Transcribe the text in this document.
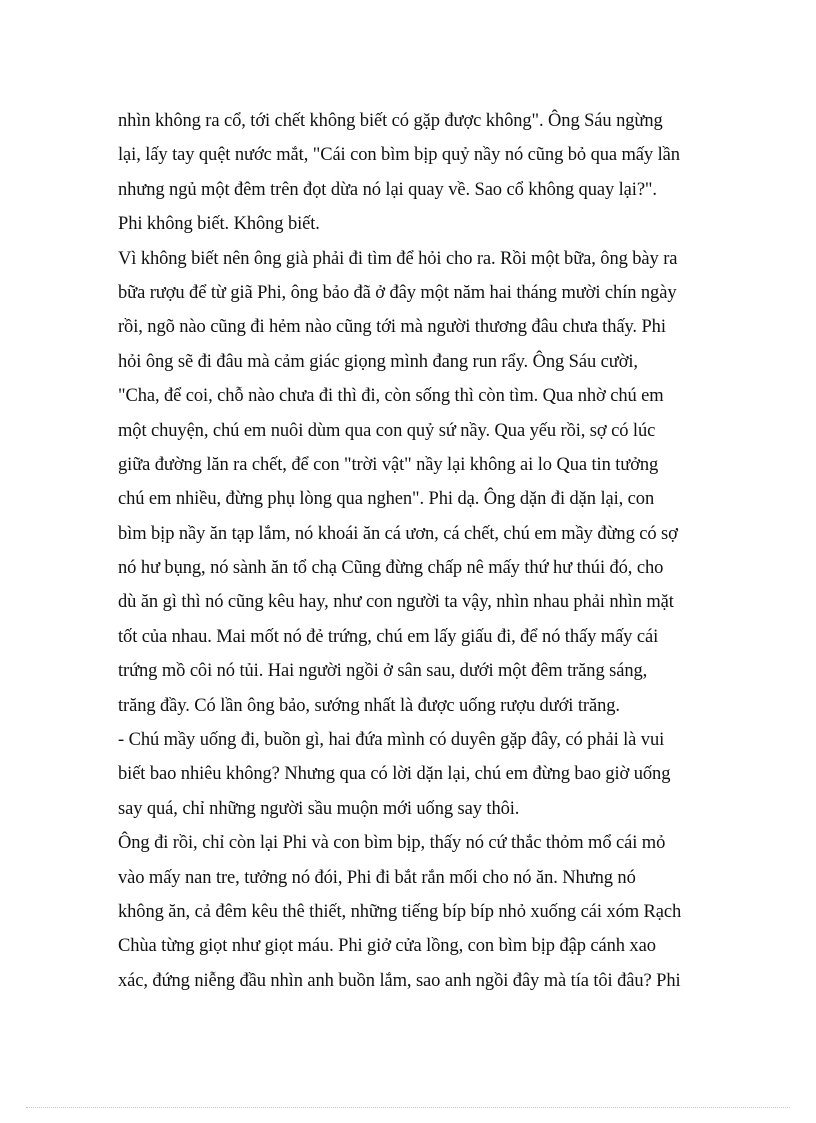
nhìn không ra cổ, tới chết không biết có gặp được không". Ông Sáu ngừng
lại, lấy tay quệt nước mắt, "Cái con bìm bịp quỷ nầy nó cũng bỏ qua mấy lần
nhưng ngủ một đêm trên đọt dừa nó lại quay về. Sao cổ không quay lại?".
Phi không biết. Không biết.
Vì không biết nên ông già phải đi tìm để hỏi cho ra. Rồi một bữa, ông bày ra
bữa rượu để từ giã Phi, ông bảo đã ở đây một năm hai tháng mười chín ngày
rồi, ngõ nào cũng đi hẻm nào cũng tới mà người thương đâu chưa thấy. Phi
hỏi ông sẽ đi đâu mà cảm giác giọng mình đang run rẩy. Ông Sáu cười,
"Cha, để coi, chỗ nào chưa đi thì đi, còn sống thì còn tìm. Qua nhờ chú em
một chuyện, chú em nuôi dùm qua con quỷ sứ nầy. Qua yếu rồi, sợ có lúc
giữa đường lăn ra chết, để con "trời vật" nầy lại không ai lo Qua tin tưởng
chú em nhiều, đừng phụ lòng qua nghen". Phi dạ. Ông dặn đi dặn lại, con
bìm bịp nầy ăn tạp lắm, nó khoái ăn cá ươn, cá chết, chú em mầy đừng có sợ
nó hư bụng, nó sành ăn tổ chạ Cũng đừng chấp nê mấy thứ hư thúi đó, cho
dù ăn gì thì nó cũng kêu hay, như con người ta vậy, nhìn nhau phải nhìn mặt
tốt của nhau. Mai mốt nó đẻ trứng, chú em lấy giấu đi, để nó thấy mấy cái
trứng mồ côi nó tủi. Hai người ngồi ở sân sau, dưới một đêm trăng sáng,
trăng đầy. Có lần ông bảo, sướng nhất là được uống rượu dưới trăng.
- Chú mầy uống đi, buồn gì, hai đứa mình có duyên gặp đây, có phải là vui
biết bao nhiêu không? Nhưng qua có lời dặn lại, chú em đừng bao giờ uống
say quá, chỉ những người sầu muộn mới uống say thôi.
Ông đi rồi, chỉ còn lại Phi và con bìm bịp, thấy nó cứ thắc thỏm mổ cái mỏ
vào mấy nan tre, tưởng nó đói, Phi đi bắt rắn mối cho nó ăn. Nhưng nó
không ăn, cả đêm kêu thê thiết, những tiếng bíp bíp nhỏ xuống cái xóm Rạch
Chùa từng giọt như giọt máu. Phi giở cửa lồng, con bìm bịp đập cánh xao
xác, đứng niễng đầu nhìn anh buồn lắm, sao anh ngồi đây mà tía tôi đâu? Phi
